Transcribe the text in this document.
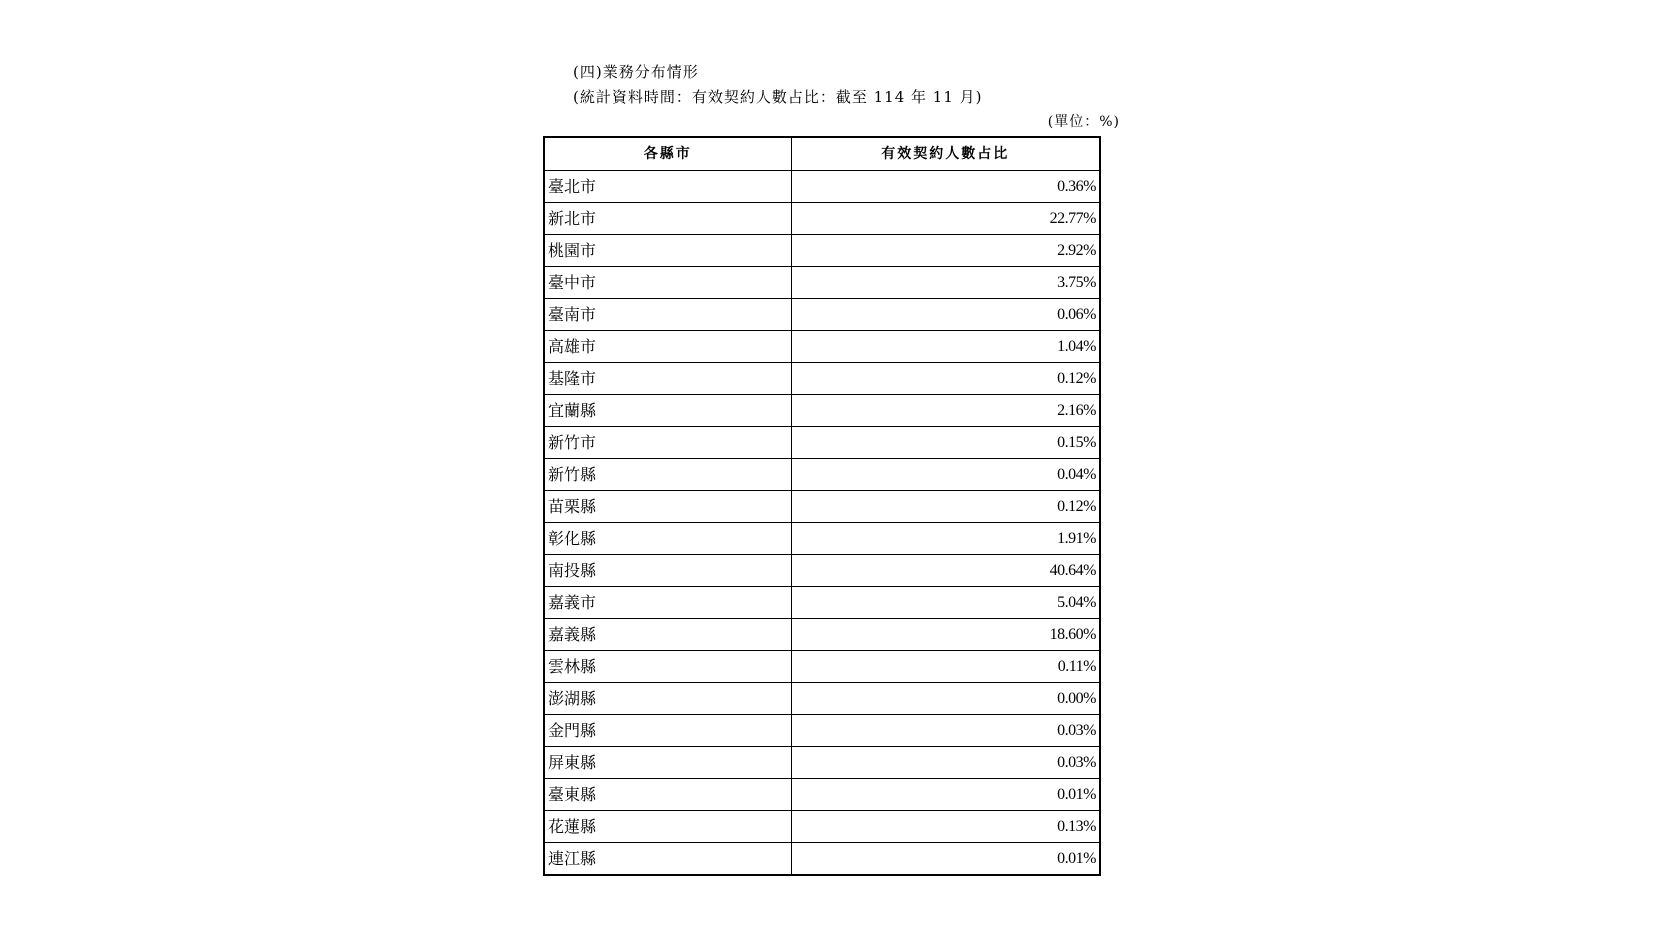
(四)業務分布情形
(統計資料時間：有效契約人數占比：截至 114 年 11 月)
(單位：%)
各縣市	有效契約人數占比
臺北市	0.36%
新北市	22.77%
桃園市	2.92%
臺中市	3.75%
臺南市	0.06%
高雄市	1.04%
基隆市	0.12%
宜蘭縣	2.16%
新竹市	0.15%
新竹縣	0.04%
苗栗縣	0.12%
彰化縣	1.91%
南投縣	40.64%
嘉義市	5.04%
嘉義縣	18.60%
雲林縣	0.11%
澎湖縣	0.00%
金門縣	0.03%
屏東縣	0.03%
臺東縣	0.01%
花蓮縣	0.13%
連江縣	0.01%
